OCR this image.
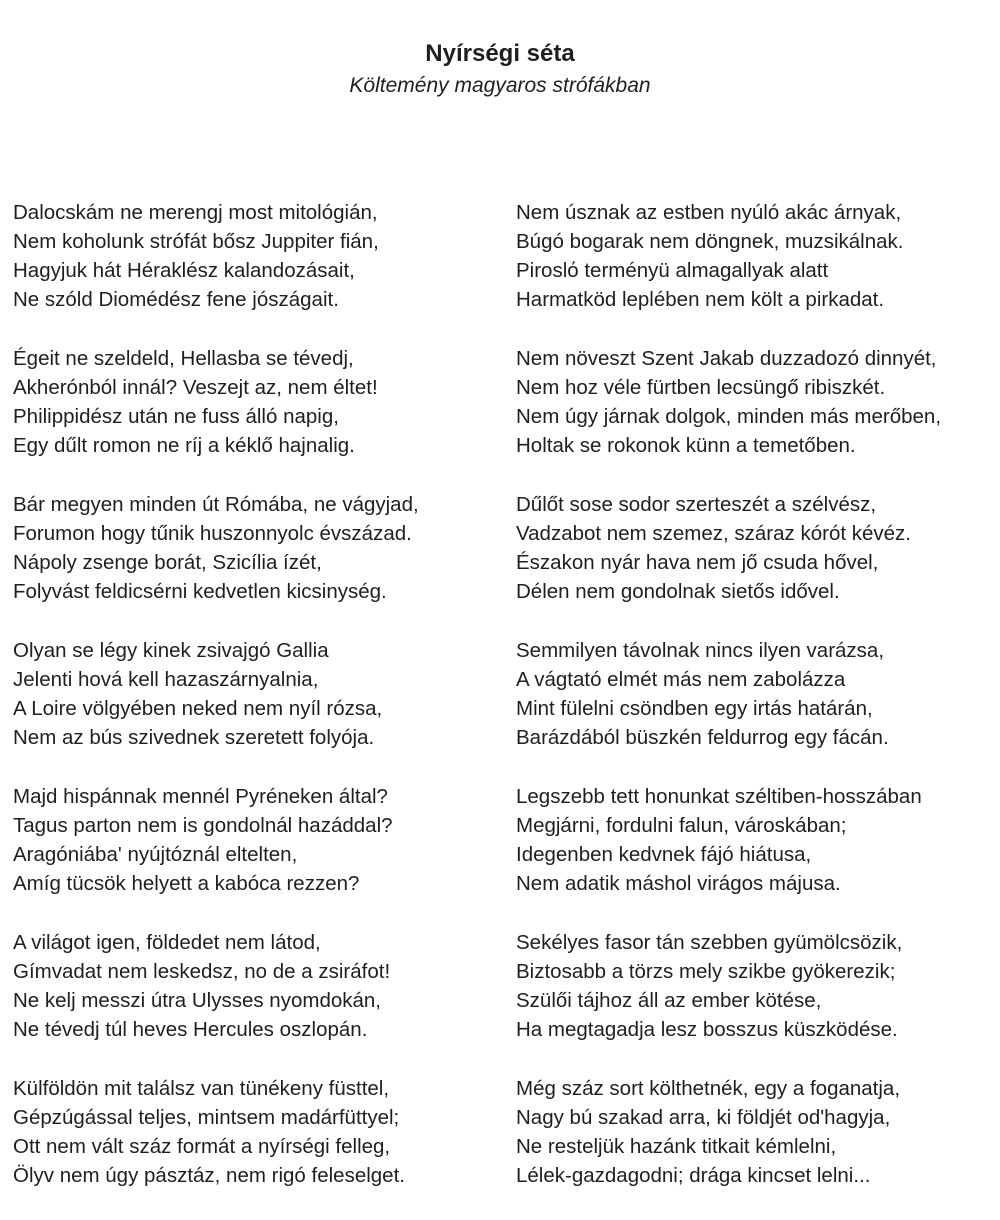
Nyírségi séta
Költemény magyaros strófákban
Dalocskám ne merengj most mitológián,
Nem koholunk strófát bősz Juppiter fián,
Hagyjuk hát Héraklész kalandozásait,
Ne szóld Diomédész fene jószágait.
Égeit ne szeldeld, Hellasba se tévedj,
Akherónból innál? Veszejt az, nem éltet!
Philippidész után ne fuss álló napig,
Egy dűlt romon ne ríj a kéklő hajnalig.
Bár megyen minden út Rómába, ne vágyjad,
Forumon hogy tűnik huszonnyolc évszázad.
Nápoly zsenge borát, Szicília ízét,
Folyvást feldicsérni kedvetlen kicsinység.
Olyan se légy kinek zsivajgó Gallia
Jelenti hová kell hazaszárnyalnia,
A Loire völgyében neked nem nyíl rózsa,
Nem az bús szivednek szeretett folyója.
Majd hispánnak mennél Pyréneken által?
Tagus parton nem is gondolnál hazáddal?
Aragóniába' nyújtóznál eltelten,
Amíg tücsök helyett a kabóca rezzen?
A világot igen, földedet nem látod,
Gímvadat nem leskedsz, no de a zsiráfot!
Ne kelj messzi útra Ulysses nyomdokán,
Ne tévedj túl heves Hercules oszlopán.
Külföldön mit találsz van tünékeny füsttel,
Gépzúgással teljes, mintsem madárfüttyel;
Ott nem vált száz formát a nyírségi felleg,
Ölyv nem úgy pásztáz, nem rigó feleselget.
Nem úsznak az estben nyúló akác árnyak,
Búgó bogarak nem döngnek, muzsikálnak.
Piroslό terményü almagallyak alatt
Harmatköd leplében nem költ a pirkadat.
Nem növeszt Szent Jakab duzzadozó dinnyét,
Nem hoz véle fürtben lecsüngő ribiszkét.
Nem úgy járnak dolgok, minden más merőben,
Holtak se rokonok künn a temetőben.
Dűlőt sose sodor szerteszét a szélvész,
Vadzabot nem szemez, száraz kórót kévéz.
Északon nyár hava nem jő csuda hővel,
Délen nem gondolnak sietős idővel.
Semmilyen távolnak nincs ilyen varázsa,
A vágtató elmét más nem zabolázza
Mint fülelni csöndben egy irtás határán,
Barázdából büszkén feldurrog egy fácán.
Legszebb tett honunkat széltiben-hosszában
Megjárni, fordulni falun, városkában;
Idegenben kedvnek fájó hiátusa,
Nem adatik máshol virágos májusa.
Sekélyes fasor tán szebben gyümölcsözik,
Biztosabb a törzs mely szikbe gyökerezik;
Szülői tájhoz áll az ember kötése,
Ha megtagadja lesz bosszus küszködése.
Még száz sort költhetnék, egy a foganatja,
Nagy bú szakad arra, ki földjét od'hagyja,
Ne resteljük hazánk titkait kémlelni,
Lélek-gazdagodni; drága kincset lelni...
